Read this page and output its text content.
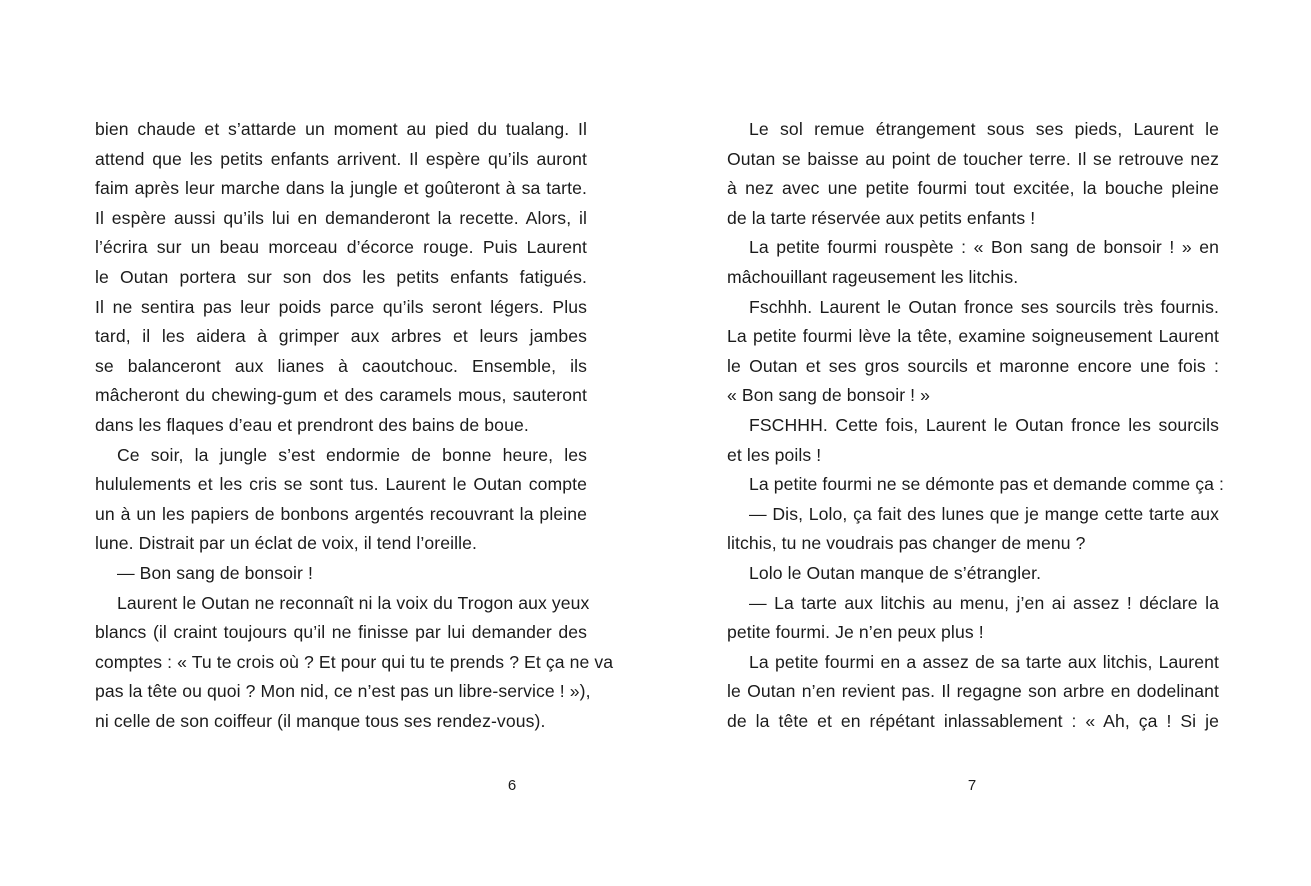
bien chaude et s’attarde un moment au pied du tualang. Il
attend que les petits enfants arrivent. Il espère qu’ils auront
faim après leur marche dans la jungle et goûteront à sa tarte.
Il espère aussi qu’ils lui en demanderont la recette. Alors, il
l’écrira sur un beau morceau d’écorce rouge. Puis Laurent
le Outan portera sur son dos les petits enfants fatigués.
Il ne sentira pas leur poids parce qu’ils seront légers. Plus
tard, il les aidera à grimper aux arbres et leurs jambes
se balanceront aux lianes à caoutchouc. Ensemble, ils
mâcheront du chewing-gum et des caramels mous, sauteront
dans les flaques d’eau et prendront des bains de boue.
Ce soir, la jungle s’est endormie de bonne heure, les
hululements et les cris se sont tus. Laurent le Outan compte
un à un les papiers de bonbons argentés recouvrant la pleine
lune. Distrait par un éclat de voix, il tend l’oreille.
— Bon sang de bonsoir !
Laurent le Outan ne reconnaît ni la voix du Trogon aux yeux
blancs (il craint toujours qu’il ne finisse par lui demander des
comptes : « Tu te crois où ? Et pour qui tu te prends ? Et ça ne va
pas la tête ou quoi ? Mon nid, ce n’est pas un libre-service ! »),
ni celle de son coiffeur (il manque tous ses rendez-vous).
Le sol remue étrangement sous ses pieds, Laurent le
Outan se baisse au point de toucher terre. Il se retrouve nez
à nez avec une petite fourmi tout excitée, la bouche pleine
de la tarte réservée aux petits enfants !
La petite fourmi rouspète : « Bon sang de bonsoir ! » en
mâchouillant rageusement les litchis.
Fschhh. Laurent le Outan fronce ses sourcils très fournis.
La petite fourmi lève la tête, examine soigneusement Laurent
le Outan et ses gros sourcils et maronne encore une fois :
« Bon sang de bonsoir ! »
FSCHHH. Cette fois, Laurent le Outan fronce les sourcils
et les poils !
La petite fourmi ne se démonte pas et demande comme ça :
— Dis, Lolo, ça fait des lunes que je mange cette tarte aux
litchis, tu ne voudrais pas changer de menu ?
Lolo le Outan manque de s’étrangler.
— La tarte aux litchis au menu, j’en ai assez ! déclare la
petite fourmi. Je n’en peux plus !
La petite fourmi en a assez de sa tarte aux litchis, Laurent
le Outan n’en revient pas. Il regagne son arbre en dodelinant
de la tête et en répétant inlassablement : « Ah, ça ! Si je
6	7
